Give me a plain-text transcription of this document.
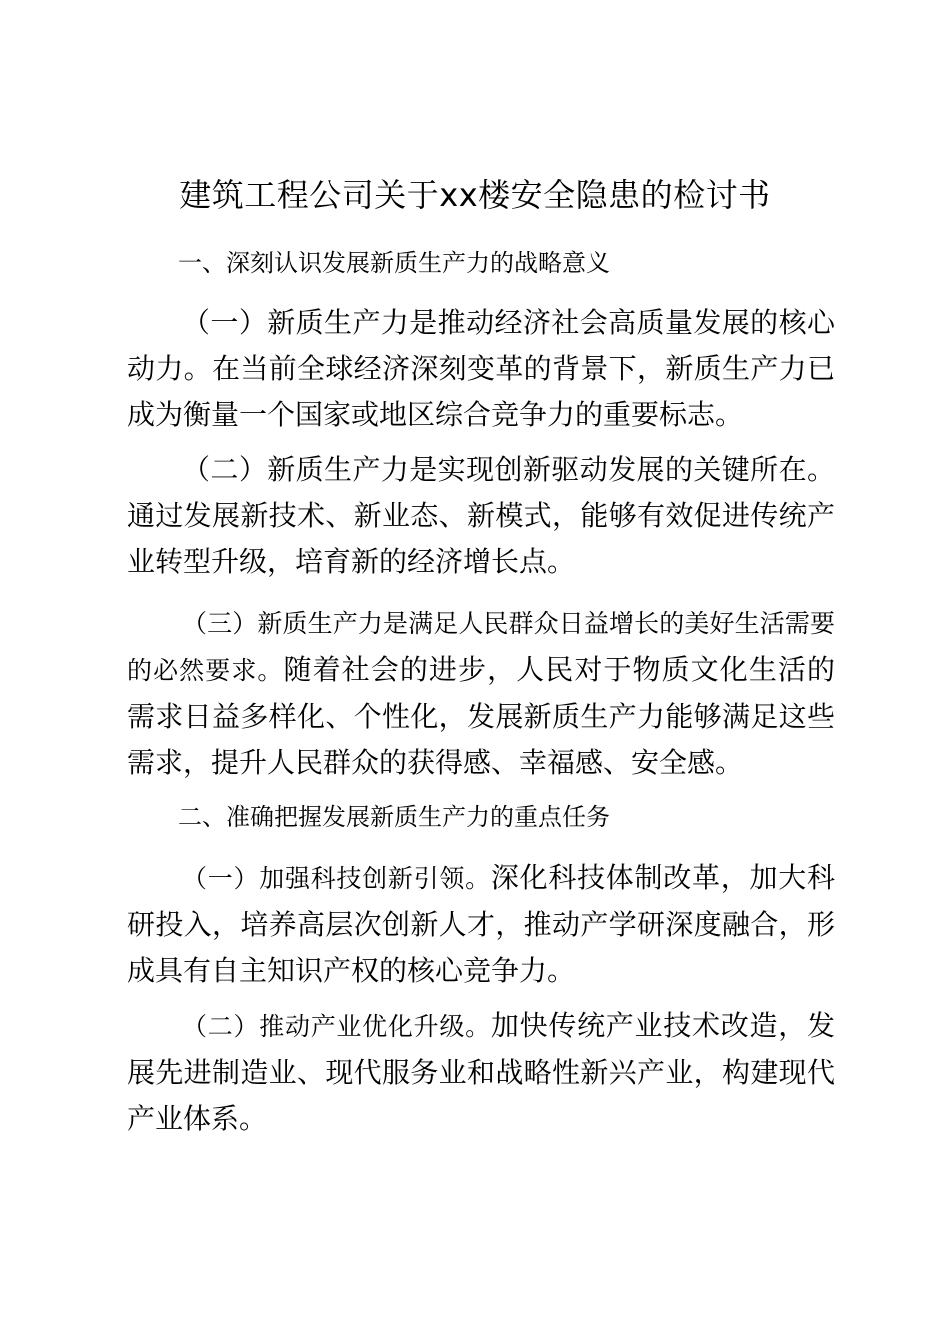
建筑工程公司关于xx楼安全隐患的检讨书
一、深刻认识发展新质生产力的战略意义

（一）新质生产力是推动经济社会高质量发展的核心动力。在当前全球经济深刻变革的背景下，新质生产力已成为衡量一个国家或地区综合竞争力的重要标志。

（二）新质生产力是实现创新驱动发展的关键所在。通过发展新技术、新业态、新模式，能够有效促进传统产业转型升级，培育新的经济增长点。

（三）新质生产力是满足人民群众日益增长的美好生活需要的必然要求。随着社会的进步，人民对于物质文化生活的需求日益多样化、个性化，发展新质生产力能够满足这些需求，提升人民群众的获得感、幸福感、安全感。

二、准确把握发展新质生产力的重点任务

（一）加强科技创新引领。深化科技体制改革，加大科研投入，培养高层次创新人才，推动产学研深度融合，形成具有自主知识产权的核心竞争力。

（二）推动产业优化升级。加快传统产业技术改造，发展先进制造业、现代服务业和战略性新兴产业，构建现代产业体系。
